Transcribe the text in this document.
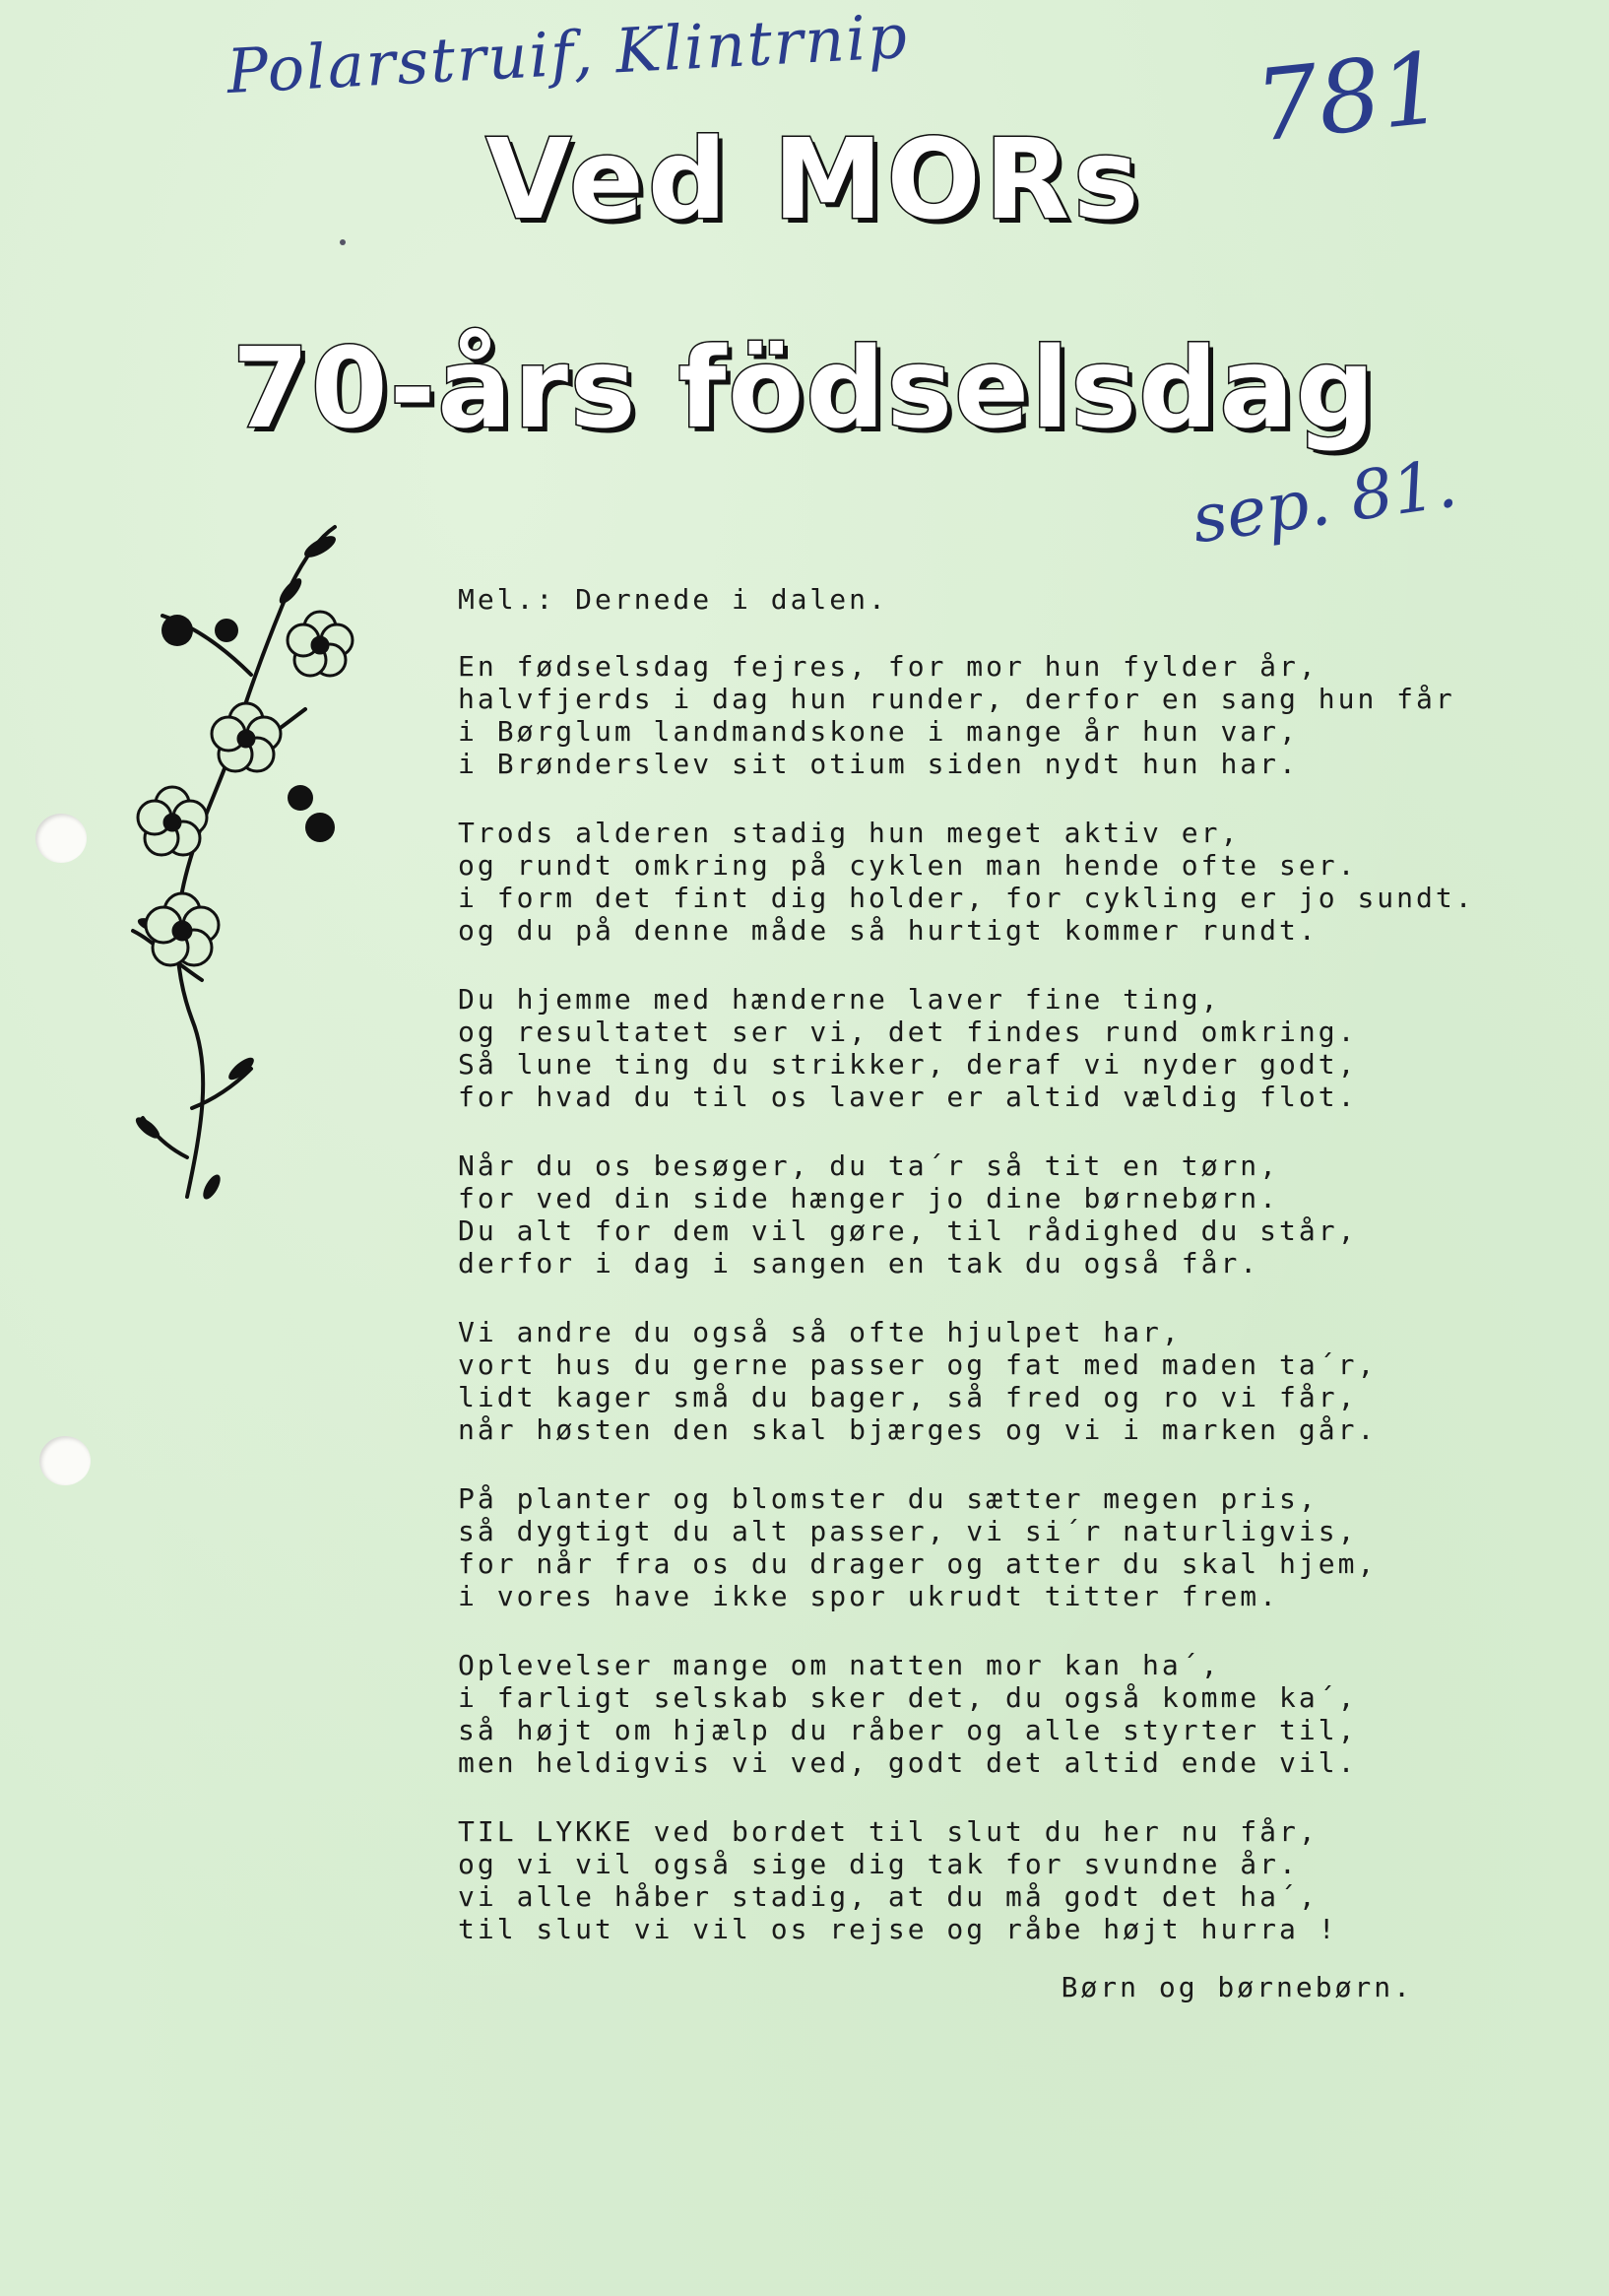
Polarstruif, Klintrnip	781
sep. 81.
Ved MORs
70-års födselsdag
Mel.: Dernede i dalen.
En fødselsdag fejres, for mor hun fylder år,
halvfjerds i dag hun runder, derfor en sang hun får
i Børglum landmandskone i mange år hun var,
i Brønderslev sit otium siden nydt hun har.
Trods alderen stadig hun meget aktiv er,
og rundt omkring på cyklen man hende ofte ser.
i form det fint dig holder, for cykling er jo sundt.
og du på denne måde så hurtigt kommer rundt.
Du hjemme med hænderne laver fine ting,
og resultatet ser vi, det findes rund omkring.
Så lune ting du strikker, deraf vi nyder godt,
for hvad du til os laver er altid vældig flot.
Når du os besøger, du ta´r så tit en tørn,
for ved din side hænger jo dine børnebørn.
Du alt for dem vil gøre, til rådighed du står,
derfor i dag i sangen en tak du også får.
Vi andre du også så ofte hjulpet har,
vort hus du gerne passer og fat med maden ta´r,
lidt kager små du bager, så fred og ro vi får,
når høsten den skal bjærges og vi i marken går.
På planter og blomster du sætter megen pris,
så dygtigt du alt passer, vi si´r naturligvis,
for når fra os du drager og atter du skal hjem,
i vores have ikke spor ukrudt titter frem.
Oplevelser mange om natten mor kan ha´,
i farligt selskab sker det, du også komme ka´,
så højt om hjælp du råber og alle styrter til,
men heldigvis vi ved, godt det altid ende vil.
TIL LYKKE ved bordet til slut du her nu får,
og vi vil også sige dig tak for svundne år.
vi alle håber stadig, at du må godt det ha´,
til slut vi vil os rejse og råbe højt hurra !
Børn og børnebørn.
